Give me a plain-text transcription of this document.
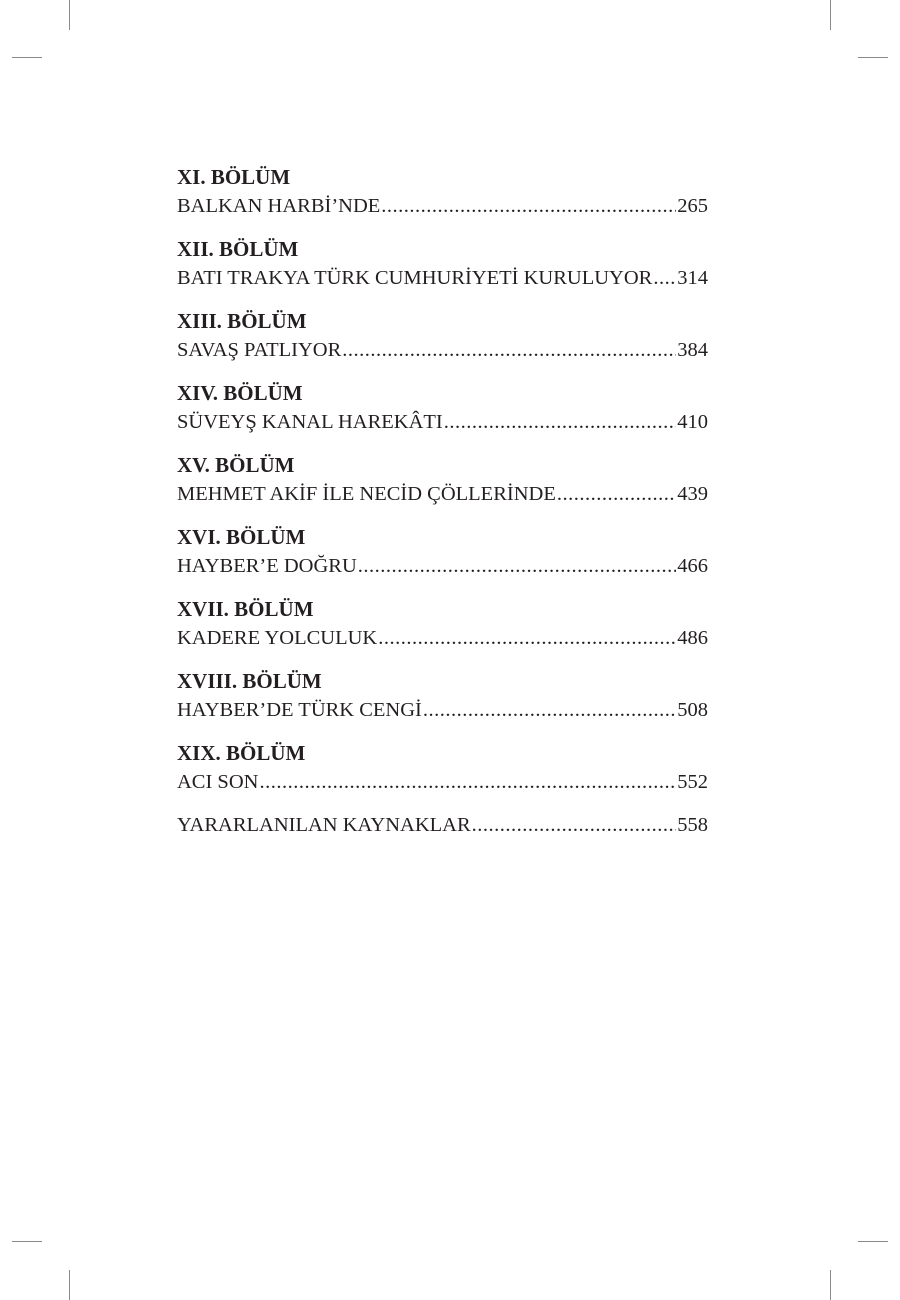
XI. BÖLÜM
BALKAN HARBİ’NDE .....	265
XII. BÖLÜM
BATI TRAKYA TÜRK CUMHURİYETİ KURULUYOR ..... 314
XIII. BÖLÜM
SAVAŞ PATLIYOR .....	384
XIV. BÖLÜM
SÜVEYŞ KANAL HAREKÂTI .....	410
XV. BÖLÜM
MEHMET AKİF İLE NECİD ÇÖLLERİNDE .....	439
XVI. BÖLÜM
HAYBER’E DOĞRU .....	466
XVII. BÖLÜM
KADERE YOLCULUK .....	486
XVIII. BÖLÜM
HAYBER’DE TÜRK CENGİ .....	508
XIX. BÖLÜM
ACI SON .....	552
YARARLANILAN KAYNAKLAR .....	558
